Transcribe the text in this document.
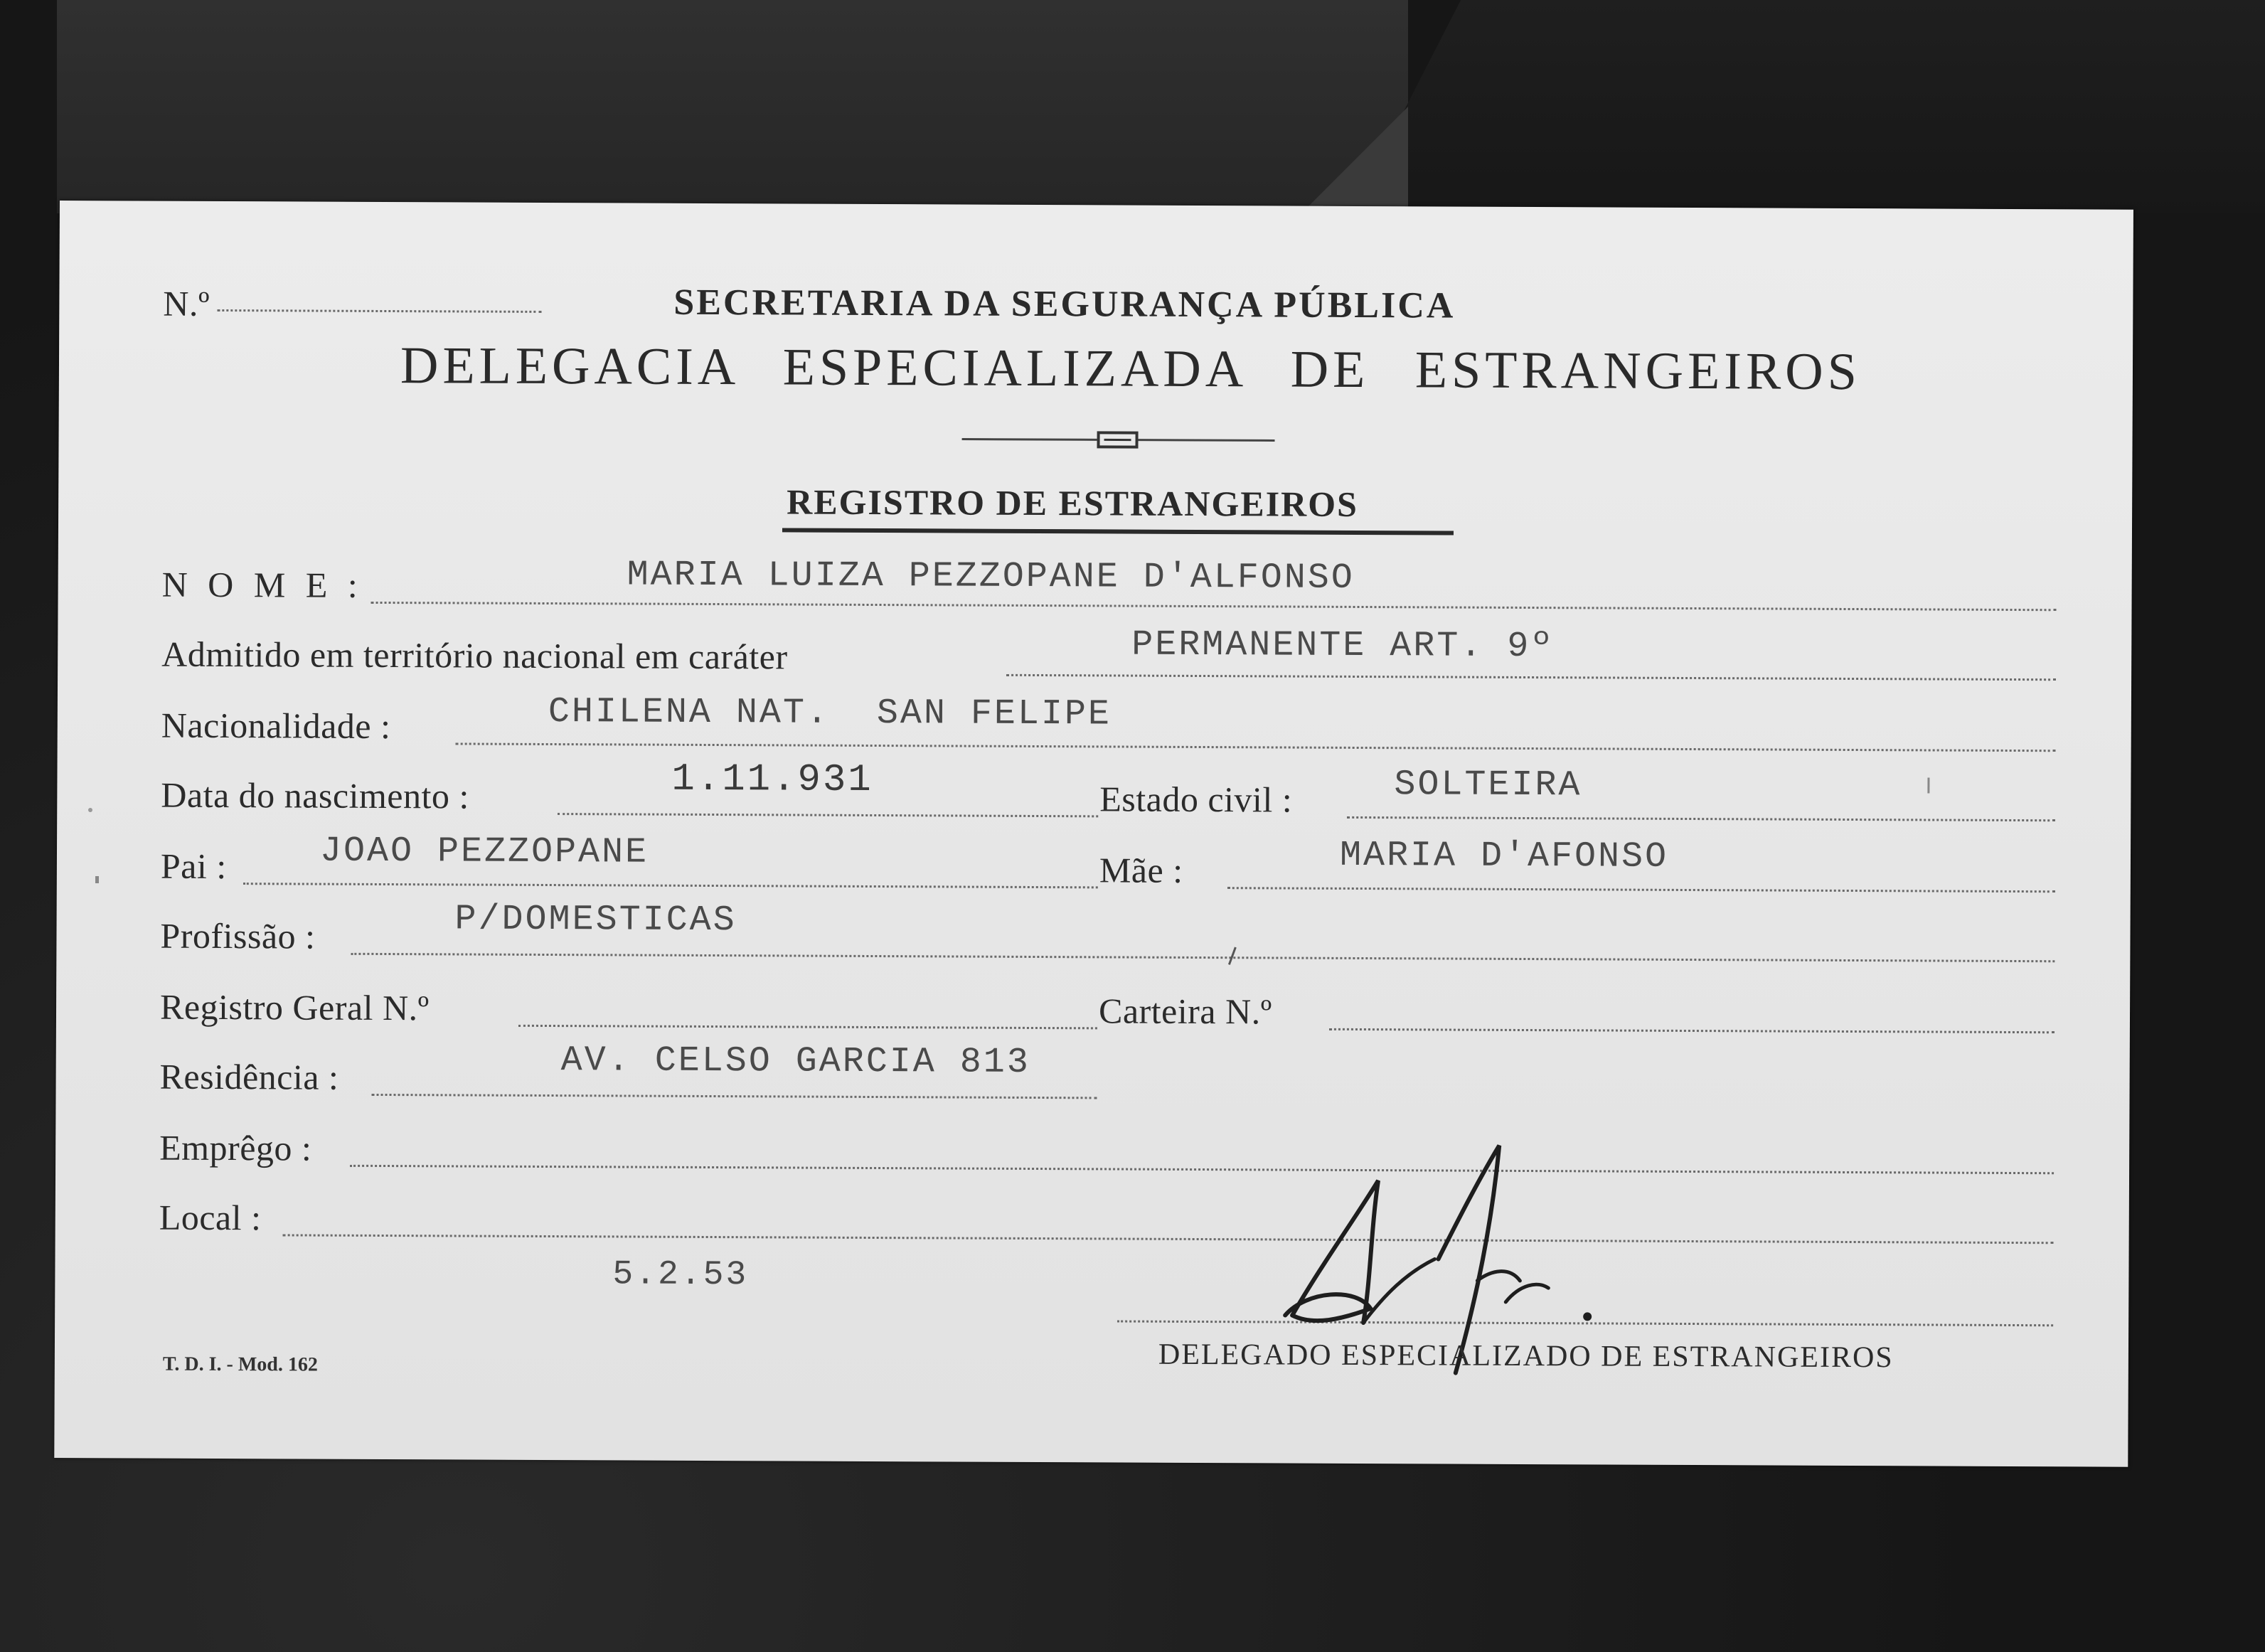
N.º	SECRETARIA DA SEGURANÇA PÚBLICA
DELEGACIA ESPECIALIZADA DE ESTRANGEIROS
REGISTRO DE ESTRANGEIROS
N O M E :	MARIA LUIZA PEZZOPANE D'ALFONSO
Admitido em território nacional em caráter	PERMANENTE ART. 9º
Nacionalidade :	CHILENA NAT.  SAN FELIPE
Data do nascimento :	1.11.931	Estado civil :	SOLTEIRA
Pai :	JOAO PEZZOPANE	Mãe :	MARIA D'AFONSO
Profissão :	P/DOMESTICAS
Registro Geral N.º	Carteira N.º
Residência :	AV. CELSO GARCIA 813
Emprêgo :
Local :
5.2.53
DELEGADO ESPECIALIZADO DE ESTRANGEIROS
T. D. I. - Mod. 162
